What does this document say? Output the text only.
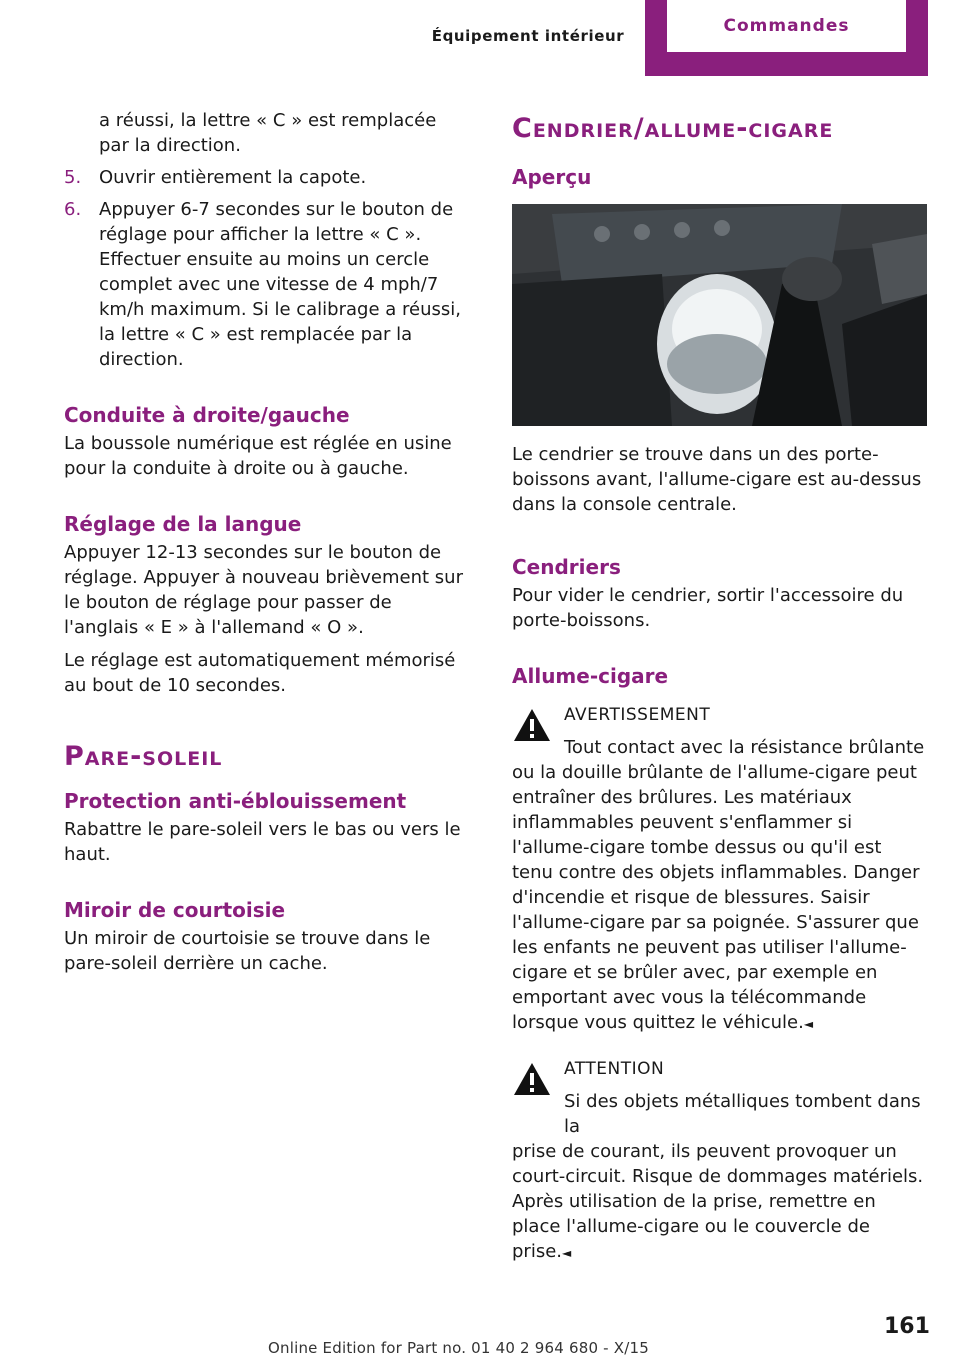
Équipement intérieur	Commandes

a réussi, la lettre « C » est remplacée par la direction.

5. Ouvrir entièrement la capote.
6. Appuyer 6-7 secondes sur le bouton de réglage pour afficher la lettre « C ». Effectuer ensuite au moins un cercle complet avec une vitesse de 4 mph/7 km/h maximum. Si le calibrage a réussi, la lettre « C » est remplacée par la direction.
Conduite à droite/gauche

La boussole numérique est réglée en usine pour la conduite à droite ou à gauche.

Réglage de la langue

Appuyer 12-13 secondes sur le bouton de réglage. Appuyer à nouveau brièvement sur le bouton de réglage pour passer de l'anglais « E » à l'allemand « O ».

Le réglage est automatiquement mémorisé au bout de 10 secondes.

Pare-soleil
Protection anti-éblouissement

Rabattre le pare-soleil vers le bas ou vers le haut.

Miroir de courtoisie

Un miroir de courtoisie se trouve dans le pare-soleil derrière un cache.

Cendrier/allume-cigare
Aperçu

Le cendrier se trouve dans un des porte-boissons avant, l'allume-cigare est au-dessus dans la console centrale.

Cendriers

Pour vider le cendrier, sortir l'accessoire du porte-boissons.

Allume-cigare
AVERTISSEMENT
Tout contact avec la résistance brûlante

ou la douille brûlante de l'allume-cigare peut entraîner des brûlures. Les matériaux inflammables peuvent s'enflammer si l'allume-cigare tombe dessus ou qu'il est tenu contre des objets inflammables. Danger d'incendie et risque de blessures. Saisir l'allume-cigare par sa poignée. S'assurer que les enfants ne peuvent pas utiliser l'allume-cigare et se brûler avec, par exemple en emportant avec vous la télécommande lorsque vous quittez le véhicule.◄

ATTENTION
Si des objets métalliques tombent dans la

prise de courant, ils peuvent provoquer un court-circuit. Risque de dommages matériels. Après utilisation de la prise, remettre en place l'allume-cigare ou le couvercle de prise.◄

161
Online Edition for Part no. 01 40 2 964 680 - X/15
